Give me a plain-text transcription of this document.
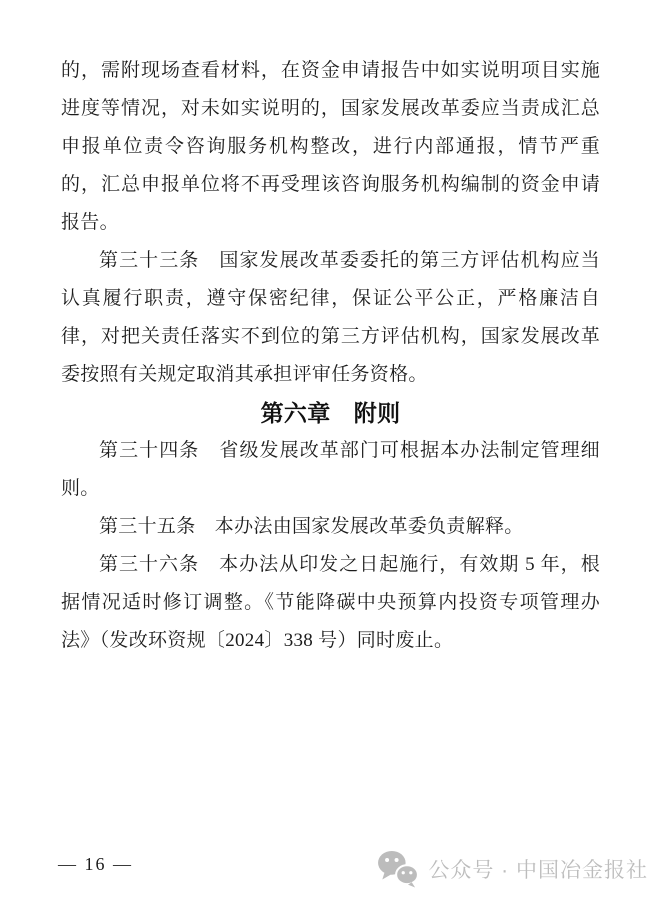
的，需附现场查看材料，在资金申请报告中如实说明项目实施进度等情况，对未如实说明的，国家发展改革委应当责成汇总申报单位责令咨询服务机构整改，进行内部通报，情节严重的，汇总申报单位将不再受理该咨询服务机构编制的资金申请报告。

第三十三条　国家发展改革委委托的第三方评估机构应当认真履行职责，遵守保密纪律，保证公平公正，严格廉洁自律，对把关责任落实不到位的第三方评估机构，国家发展改革委按照有关规定取消其承担评审任务资格。

第六章　附则

第三十四条　省级发展改革部门可根据本办法制定管理细则。

第三十五条　本办法由国家发展改革委负责解释。

第三十六条　本办法从印发之日起施行，有效期 5 年，根据情况适时修订调整。《节能降碳中央预算内投资专项管理办法》（发改环资规〔2024〕338 号）同时废止。

— 16 —	公众号 · 中国冶金报社
